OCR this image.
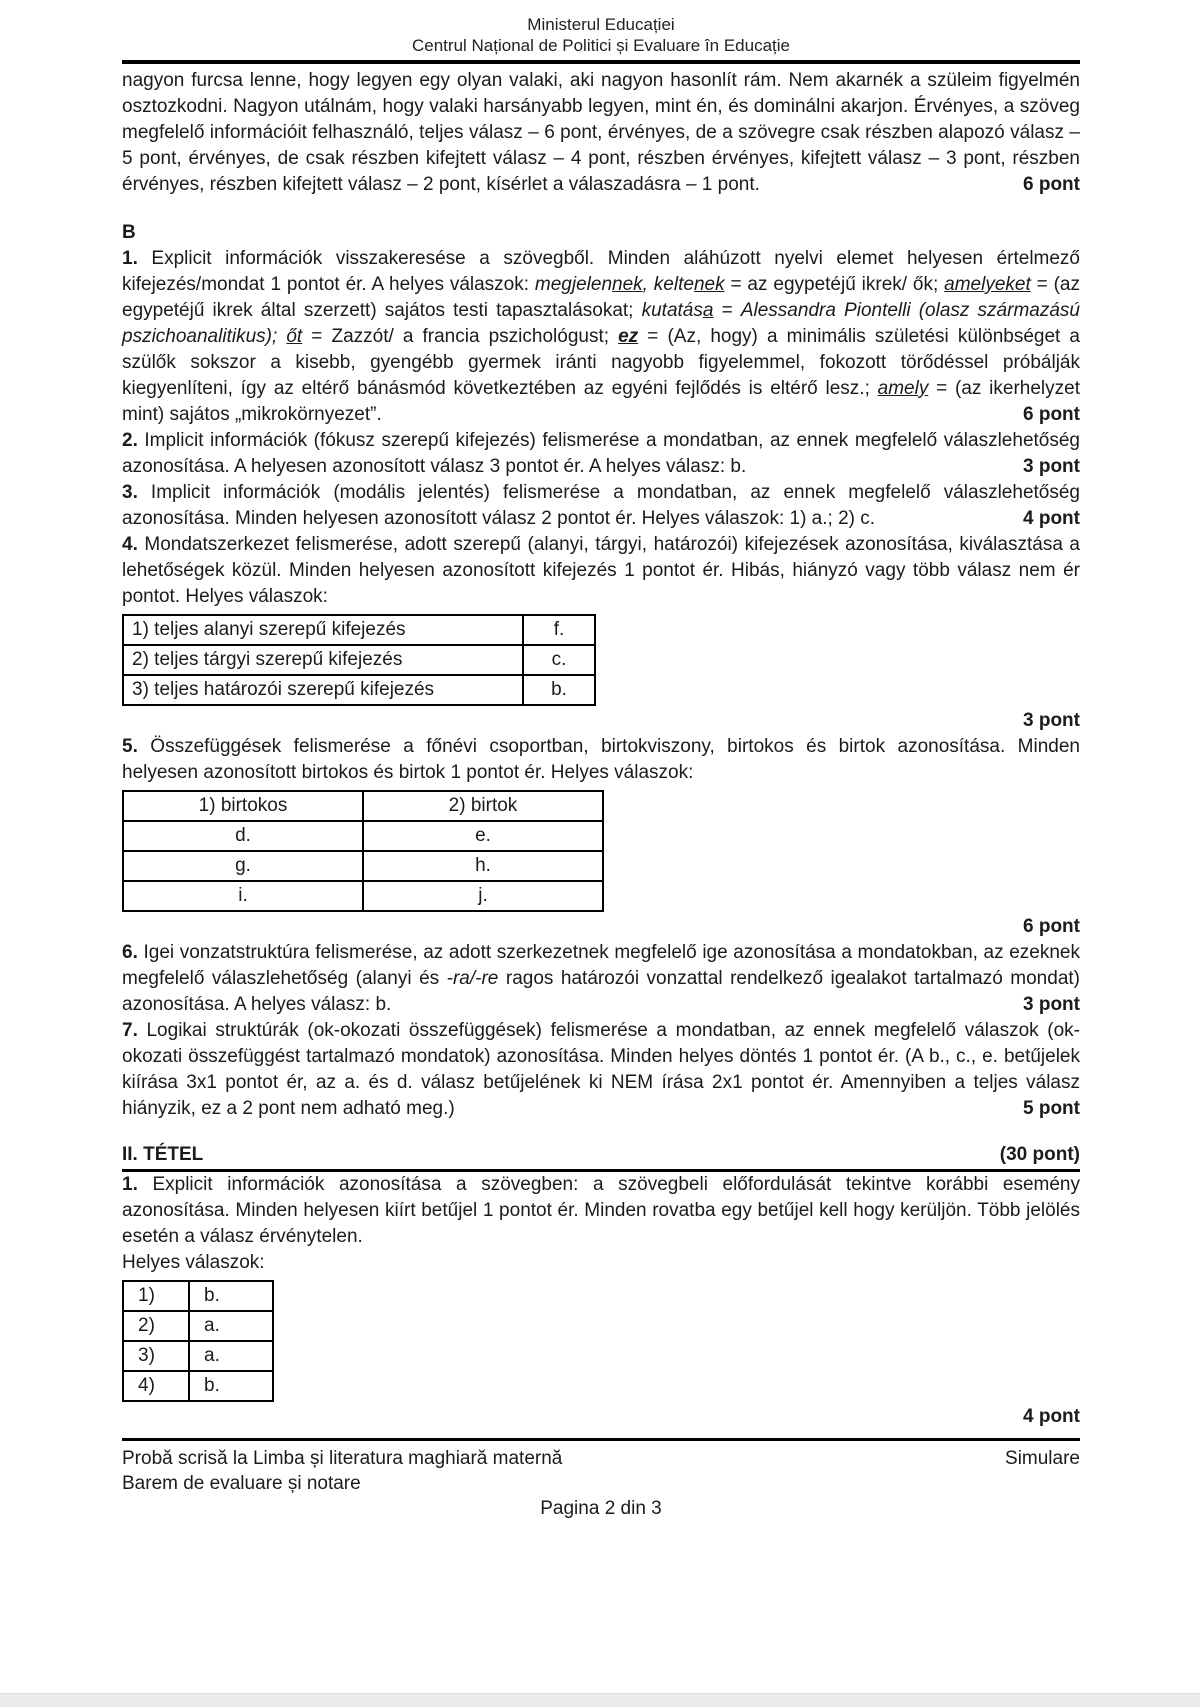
Ministerul Educației
Centrul Național de Politici și Evaluare în Educație

nagyon furcsa lenne, hogy legyen egy olyan valaki, aki nagyon hasonlít rám. Nem akarnék a szüleim figyelmén osztozkodni. Nagyon utálnám, hogy valaki harsányabb legyen, mint én, és dominálni akarjon. Érvényes, a szöveg megfelelő információit felhasználó, teljes válasz – 6 pont, érvényes, de a szövegre csak részben alapozó válasz – 5 pont, érvényes, de csak részben kifejtett válasz – 4 pont, részben érvényes, kifejtett válasz – 3 pont, részben érvényes, részben kifejtett válasz – 2 pont, kísérlet a válaszadásra – 1 pont.	6 pont

B

1. Explicit információk visszakeresése a szövegből. Minden aláhúzott nyelvi elemet helyesen értelmező kifejezés/mondat 1 pontot ér. A helyes válaszok: megjelennek, keltenek = az egypetéjű ikrek/ ők; amelyeket = (az egypetéjű ikrek által szerzett) sajátos testi tapasztalásokat; kutatása = Alessandra Piontelli (olasz származású pszichoanalitikus); őt = Zazzót/ a francia pszichológust; ez = (Az, hogy) a minimális születési különbséget a szülők sokszor a kisebb, gyengébb gyermek iránti nagyobb figyelemmel, fokozott törődéssel próbálják kiegyenlíteni, így az eltérő bánásmód következtében az egyéni fejlődés is eltérő lesz.; amely = (az ikerhelyzet mint) sajátos „mikrokörnyezet”.	6 pont

2. Implicit információk (fókusz szerepű kifejezés) felismerése a mondatban, az ennek megfelelő válaszlehetőség azonosítása. A helyesen azonosított válasz 3 pontot ér. A helyes válasz: b.	3 pont

3. Implicit információk (modális jelentés) felismerése a mondatban, az ennek megfelelő válaszlehetőség azonosítása. Minden helyesen azonosított válasz 2 pontot ér. Helyes válaszok: 1) a.; 2) c.	4 pont

4. Mondatszerkezet felismerése, adott szerepű (alanyi, tárgyi, határozói) kifejezések azonosítása, kiválasztása a lehetőségek közül. Minden helyesen azonosított kifejezés 1 pontot ér. Hibás, hiányzó vagy több válasz nem ér pontot. Helyes válaszok:

1) teljes alanyi szerepű kifejezés	f.
2) teljes tárgyi szerepű kifejezés	c.
3) teljes határozói szerepű kifejezés	b.
3 pont

5. Összefüggések felismerése a főnévi csoportban, birtokviszony, birtokos és birtok azonosítása. Minden helyesen azonosított birtokos és birtok 1 pontot ér. Helyes válaszok:

1) birtokos	2) birtok
d.	e.
g.	h.
i.	j.
6 pont

6. Igei vonzatstruktúra felismerése, az adott szerkezetnek megfelelő ige azonosítása a mondatokban, az ezeknek megfelelő válaszlehetőség (alanyi és -ra/-re ragos határozói vonzattal rendelkező igealakot tartalmazó mondat) azonosítása. A helyes válasz: b.	3 pont

7. Logikai struktúrák (ok-okozati összefüggések) felismerése a mondatban, az ennek megfelelő válaszok (ok-okozati összefüggést tartalmazó mondatok) azonosítása. Minden helyes döntés 1 pontot ér. (A b., c., e. betűjelek kiírása 3x1 pontot ér, az a. és d. válasz betűjelének ki NEM írása 2x1 pontot ér. Amennyiben a teljes válasz hiányzik, ez a 2 pont nem adható meg.)	5 pont

II. TÉTEL	(30 pont)

1. Explicit információk azonosítása a szövegben: a szövegbeli előfordulását tekintve korábbi esemény azonosítása. Minden helyesen kiírt betűjel 1 pontot ér. Minden rovatba egy betűjel kell hogy kerüljön. Több jelölés esetén a válasz érvénytelen.

Helyes válaszok:
1)	b.
2)	a.
3)	a.
4)	b.
4 pont
Probă scrisă la Limba și literatura maghiară maternă	Simulare
Barem de evaluare și notare
Pagina 2 din 3
